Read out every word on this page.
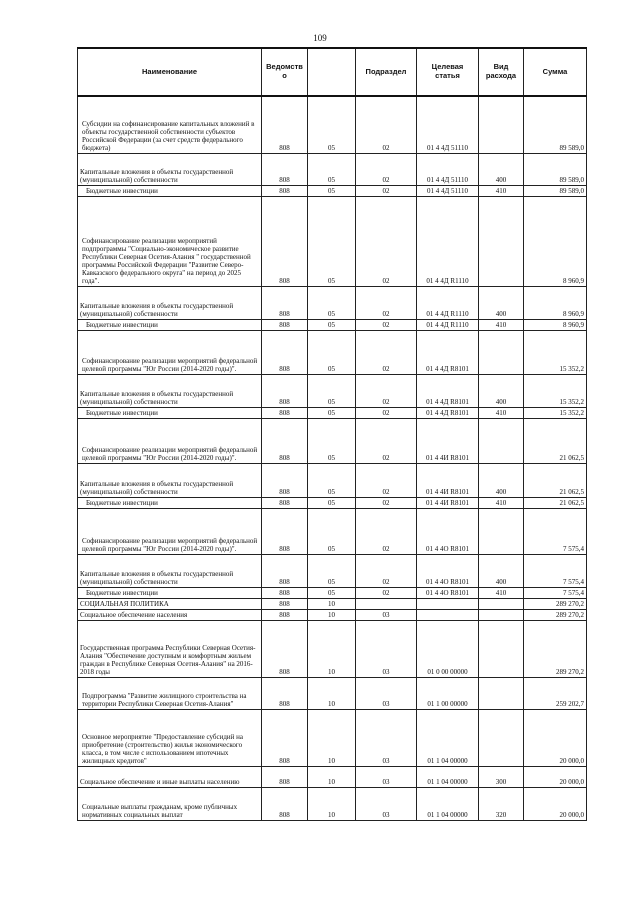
109
Наименование	Ведомств о		Подраздел	Целевая статья	Вид расхода	Сумма
Субсидии на софинансирование капитальных вложений в объекты государственной собственности субъектов Российской Федерации (за счет средств федерального бюджета)	808	05	02	01 4 4Д 51110		89 589,0
Капитальные вложения в объекты государственной (муниципальной) собственности	808	05	02	01 4 4Д 51110	400	89 589,0
Бюджетные инвестиции	808	05	02	01 4 4Д 51110	410	89 589,0
Софинансирование реализации мероприятий подпрограммы "Социально-экономическое развитие Республики Северная Осетия-Алания " государственной программы Российской Федерации "Развитие Северо-Кавказского федерального округа" на период до 2025 года".	808	05	02	01 4 4Д R1110		8 960,9
Капитальные вложения в объекты государственной (муниципальной) собственности	808	05	02	01 4 4Д R1110	400	8 960,9
Бюджетные инвестиции	808	05	02	01 4 4Д R1110	410	8 960,9
Софинансирование реализации мероприятий федеральной целевой программы "Юг России (2014-2020 годы)".	808	05	02	01 4 4Д R8101		15 352,2
Капитальные вложения в объекты государственной (муниципальной) собственности	808	05	02	01 4 4Д R8101	400	15 352,2
Бюджетные инвестиции	808	05	02	01 4 4Д R8101	410	15 352,2
Софинансирование реализации мероприятий федеральной целевой программы "Юг России (2014-2020 годы)".	808	05	02	01 4 4И R8101		21 062,5
Капитальные вложения в объекты государственной (муниципальной) собственности	808	05	02	01 4 4И R8101	400	21 062,5
Бюджетные инвестиции	808	05	02	01 4 4И R8101	410	21 062,5
Софинансирование реализации мероприятий федеральной целевой программы "Юг России (2014-2020 годы)".	808	05	02	01 4 4О R8101		7 575,4
Капитальные вложения в объекты государственной (муниципальной) собственности	808	05	02	01 4 4О R8101	400	7 575,4
Бюджетные инвестиции	808	05	02	01 4 4О R8101	410	7 575,4
СОЦИАЛЬНАЯ ПОЛИТИКА	808	10				289 270,2
Социальное обеспечение населения	808	10	03			289 270,2
Государственная программа Республики Северная Осетия-Алания "Обеспечение доступным и комфортным жильем граждан в Республике Северная Осетия-Алания" на 2016-2018 годы	808	10	03	01 0 00 00000		289 270,2
Подпрограмма "Развитие жилищного строительства на территории Республики Северная Осетия-Алания"	808	10	03	01 1 00 00000		259 202,7
Основное мероприятие "Предоставление субсидий на приобретение (строительство) жилья экономического класса, в том числе с использованием ипотечных жилищных кредитов"	808	10	03	01 1 04 00000		20 000,0
Социальное обеспечение и иные выплаты населению	808	10	03	01 1 04 00000	300	20 000,0
Социальные выплаты гражданам, кроме публичных нормативных социальных выплат	808	10	03	01 1 04 00000	320	20 000,0
